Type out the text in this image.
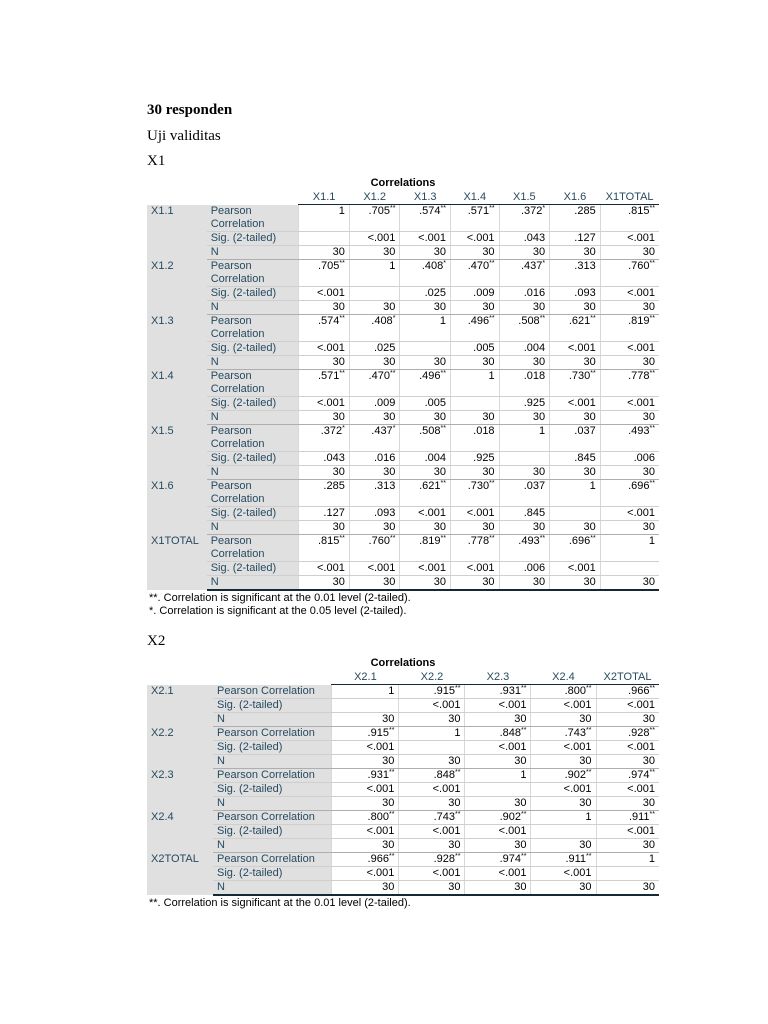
30 responden
Uji validitas
X1
Correlations
		X1.1	X1.2	X1.3	X1.4	X1.5	X1.6	X1TOTAL
X1.1	Pearson Correlation	1	.705**	.574**	.571**	.372*	.285	.815**
	Sig. (2-tailed)		<.001	<.001	<.001	.043	.127	<.001
	N	30	30	30	30	30	30	30
X1.2	Pearson Correlation	.705**	1	.408*	.470**	.437*	.313	.760**
	Sig. (2-tailed)	<.001		.025	.009	.016	.093	<.001
	N	30	30	30	30	30	30	30
X1.3	Pearson Correlation	.574**	.408*	1	.496**	.508**	.621**	.819**
	Sig. (2-tailed)	<.001	.025		.005	.004	<.001	<.001
	N	30	30	30	30	30	30	30
X1.4	Pearson Correlation	.571**	.470**	.496**	1	.018	.730**	.778**
	Sig. (2-tailed)	<.001	.009	.005		.925	<.001	<.001
	N	30	30	30	30	30	30	30
X1.5	Pearson Correlation	.372*	.437*	.508**	.018	1	.037	.493**
	Sig. (2-tailed)	.043	.016	.004	.925		.845	.006
	N	30	30	30	30	30	30	30
X1.6	Pearson Correlation	.285	.313	.621**	.730**	.037	1	.696**
	Sig. (2-tailed)	.127	.093	<.001	<.001	.845		<.001
	N	30	30	30	30	30	30	30
X1TOTAL	Pearson Correlation	.815**	.760**	.819**	.778**	.493**	.696**	1
	Sig. (2-tailed)	<.001	<.001	<.001	<.001	.006	<.001	
	N	30	30	30	30	30	30	30
**. Correlation is significant at the 0.01 level (2-tailed).
*. Correlation is significant at the 0.05 level (2-tailed).
X2
Correlations
		X2.1	X2.2	X2.3	X2.4	X2TOTAL
X2.1	Pearson Correlation	1	.915**	.931**	.800**	.966**
	Sig. (2-tailed)		<.001	<.001	<.001	<.001
	N	30	30	30	30	30
X2.2	Pearson Correlation	.915**	1	.848**	.743**	.928**
	Sig. (2-tailed)	<.001		<.001	<.001	<.001
	N	30	30	30	30	30
X2.3	Pearson Correlation	.931**	.848**	1	.902**	.974**
	Sig. (2-tailed)	<.001	<.001		<.001	<.001
	N	30	30	30	30	30
X2.4	Pearson Correlation	.800**	.743**	.902**	1	.911**
	Sig. (2-tailed)	<.001	<.001	<.001		<.001
	N	30	30	30	30	30
X2TOTAL	Pearson Correlation	.966**	.928**	.974**	.911**	1
	Sig. (2-tailed)	<.001	<.001	<.001	<.001	
	N	30	30	30	30	30
**. Correlation is significant at the 0.01 level (2-tailed).
